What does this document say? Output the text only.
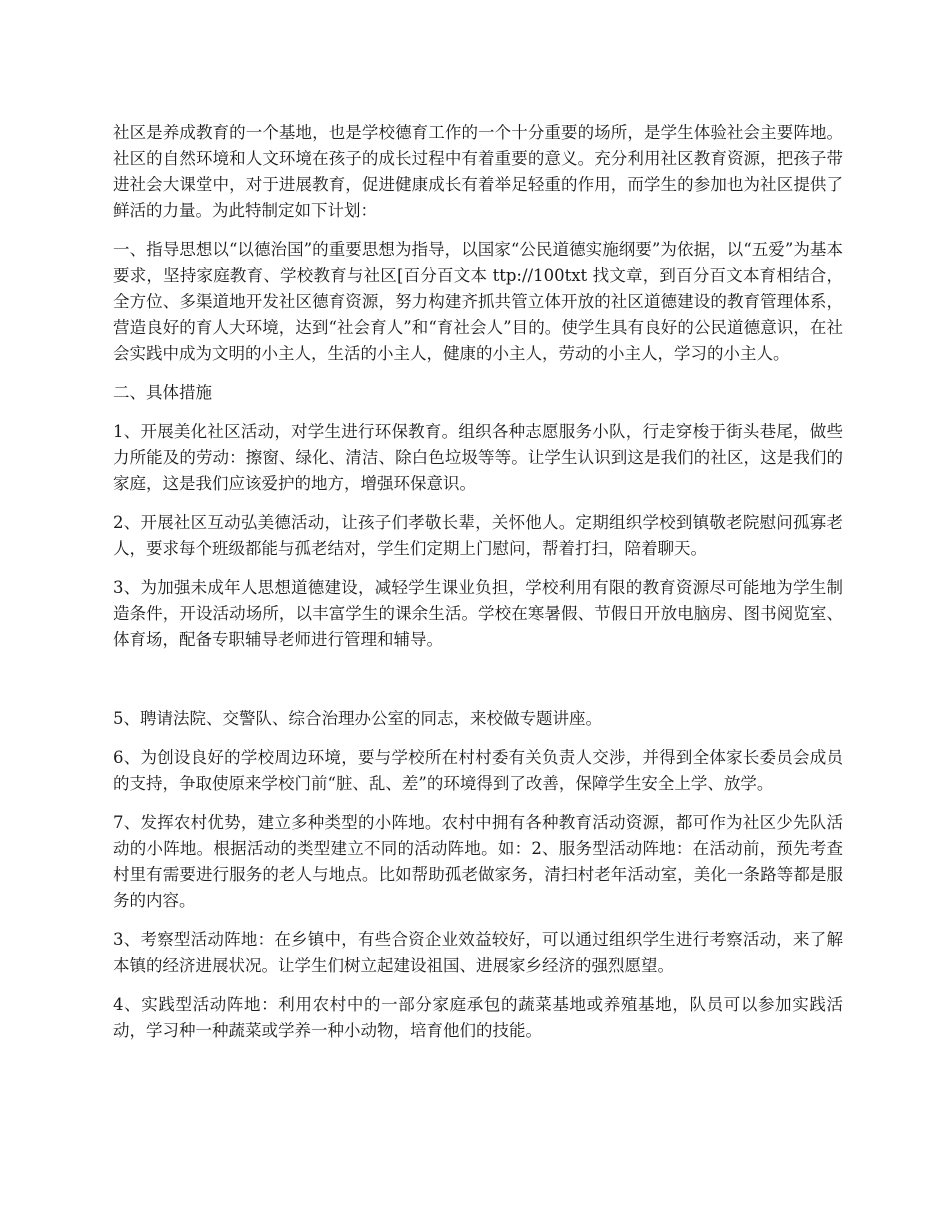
社区是养成教育的一个基地，也是学校德育工作的一个十分重要的场所，是学生体验社会主要阵地。社区的自然环境和人文环境在孩子的成长过程中有着重要的意义。充分利用社区教育资源，把孩子带进社会大课堂中，对于进展教育，促进健康成长有着举足轻重的作用，而学生的参加也为社区提供了鲜活的力量。为此特制定如下计划：

一、指导思想以“以德治国”的重要思想为指导，以国家“公民道德实施纲要”为依据，以“五爱”为基本要求，坚持家庭教育、学校教育与社区[百分百文本 ttp://100txt 找文章，到百分百文本育相结合，全方位、多渠道地开发社区德育资源，努力构建齐抓共管立体开放的社区道德建设的教育管理体系，营造良好的育人大环境，达到“社会育人”和“育社会人”目的。使学生具有良好的公民道德意识，在社会实践中成为文明的小主人，生活的小主人，健康的小主人，劳动的小主人，学习的小主人。

二、具体措施

1、开展美化社区活动，对学生进行环保教育。组织各种志愿服务小队，行走穿梭于街头巷尾，做些力所能及的劳动：擦窗、绿化、清洁、除白色垃圾等等。让学生认识到这是我们的社区，这是我们的家庭，这是我们应该爱护的地方，增强环保意识。

2、开展社区互动弘美德活动，让孩子们孝敬长辈，关怀他人。定期组织学校到镇敬老院慰问孤寡老人，要求每个班级都能与孤老结对，学生们定期上门慰问，帮着打扫，陪着聊天。

3、为加强未成年人思想道德建设，减轻学生课业负担，学校利用有限的教育资源尽可能地为学生制造条件，开设活动场所，以丰富学生的课余生活。学校在寒暑假、节假日开放电脑房、图书阅览室、体育场，配备专职辅导老师进行管理和辅导。

5、聘请法院、交警队、综合治理办公室的同志，来校做专题讲座。

6、为创设良好的学校周边环境，要与学校所在村村委有关负责人交涉，并得到全体家长委员会成员的支持，争取使原来学校门前“脏、乱、差”的环境得到了改善，保障学生安全上学、放学。

7、发挥农村优势，建立多种类型的小阵地。农村中拥有各种教育活动资源，都可作为社区少先队活动的小阵地。根据活动的类型建立不同的活动阵地。如：2、服务型活动阵地：在活动前，预先考查村里有需要进行服务的老人与地点。比如帮助孤老做家务，清扫村老年活动室，美化一条路等都是服务的内容。

3、考察型活动阵地：在乡镇中，有些合资企业效益较好，可以通过组织学生进行考察活动，来了解本镇的经济进展状况。让学生们树立起建设祖国、进展家乡经济的强烈愿望。

4、实践型活动阵地：利用农村中的一部分家庭承包的蔬菜基地或养殖基地，队员可以参加实践活动，学习种一种蔬菜或学养一种小动物，培育他们的技能。
